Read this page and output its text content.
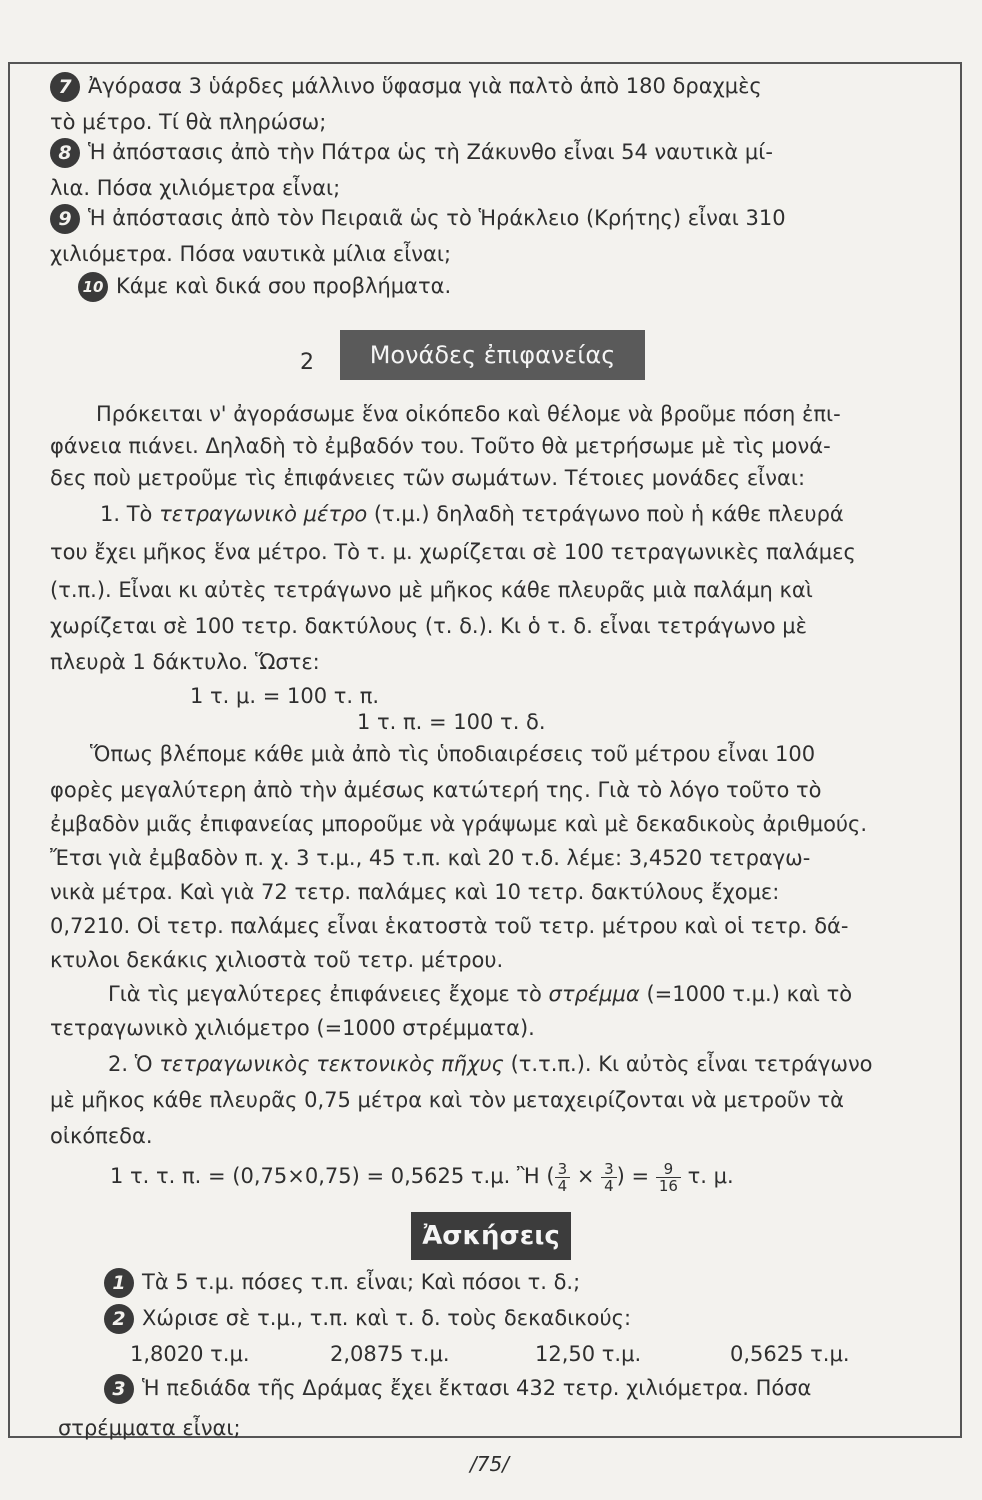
7 Ἀγόρασα 3 ὑάρδες μάλλινο ὕφασμα γιὰ παλτὸ ἀπὸ 180 δραχμὲς
τὸ μέτρο. Τί θὰ πληρώσω;
8 Ἡ ἀπόστασις ἀπὸ τὴν Πάτρα ὡς τὴ Ζάκυνθο εἶναι 54 ναυτικὰ μί-
λια. Πόσα χιλιόμετρα εἶναι;
9 Ἡ ἀπόστασις ἀπὸ τὸν Πειραιᾶ ὡς τὸ Ἡράκλειο (Κρήτης) εἶναι 310
χιλιόμετρα. Πόσα ναυτικὰ μίλια εἶναι;
10 Κάμε καὶ δικά σου προβλήματα.
2	Μονάδες ἐπιφανείας
Πρόκειται ν' ἀγοράσωμε ἕνα οἰκόπεδο καὶ θέλομε νὰ βροῦμε πόση ἐπι-
φάνεια πιάνει. Δηλαδὴ τὸ ἐμβαδόν του. Τοῦτο θὰ μετρήσωμε μὲ τὶς μονά-
δες ποὺ μετροῦμε τὶς ἐπιφάνειες τῶν σωμάτων. Τέτοιες μονάδες εἶναι:
1. Τὸ τετραγωνικὸ μέτρο (τ.μ.) δηλαδὴ τετράγωνο ποὺ ἡ κάθε πλευρά
του ἔχει μῆκος ἕνα μέτρο. Τὸ τ. μ. χωρίζεται σὲ 100 τετραγωνικὲς παλάμες
(τ.π.). Εἶναι κι αὐτὲς τετράγωνο μὲ μῆκος κάθε πλευρᾶς μιὰ παλάμη καὶ
χωρίζεται σὲ 100 τετρ. δακτύλους (τ. δ.). Κι ὁ τ. δ. εἶναι τετράγωνο μὲ
πλευρὰ 1 δάκτυλο. Ὥστε:
1 τ. μ. = 100 τ. π.
1 τ. π. = 100 τ. δ.
Ὅπως βλέπομε κάθε μιὰ ἀπὸ τὶς ὑποδιαιρέσεις τοῦ μέτρου εἶναι 100
φορὲς μεγαλύτερη ἀπὸ τὴν ἀμέσως κατώτερή της. Γιὰ τὸ λόγο τοῦτο τὸ
ἐμβαδὸν μιᾶς ἐπιφανείας μποροῦμε νὰ γράψωμε καὶ μὲ δεκαδικοὺς ἀριθμούς.
Ἔτσι γιὰ ἐμβαδὸν π. χ. 3 τ.μ., 45 τ.π. καὶ 20 τ.δ. λέμε: 3,4520 τετραγω-
νικὰ μέτρα. Καὶ γιὰ 72 τετρ. παλάμες καὶ 10 τετρ. δακτύλους ἔχομε:
0,7210. Οἱ τετρ. παλάμες εἶναι ἑκατοστὰ τοῦ τετρ. μέτρου καὶ οἱ τετρ. δά-
κτυλοι δεκάκις χιλιοστὰ τοῦ τετρ. μέτρου.
Γιὰ τὶς μεγαλύτερες ἐπιφάνειες ἔχομε τὸ στρέμμα (=1000 τ.μ.) καὶ τὸ
τετραγωνικὸ χιλιόμετρο (=1000 στρέμματα).
2. Ὁ τετραγωνικὸς τεκτονικὸς πῆχυς (τ.τ.π.). Κι αὐτὸς εἶναι τετράγωνο
μὲ μῆκος κάθε πλευρᾶς 0,75 μέτρα καὶ τὸν μεταχειρίζονται νὰ μετροῦν τὰ
οἰκόπεδα.
1 τ. τ. π. = (0,75×0,75) = 0,5625 τ.μ. Ἢ ( $\frac{3}{4} \times \frac{3}{4}$ ) = $\frac{9}{16} \tau$. μ.
Ἀσκήσεις
1 Τὰ 5 τ.μ. πόσες τ.π. εἶναι; Καὶ πόσοι τ. δ.;
2 Χώρισε σὲ τ.μ., τ.π. καὶ τ. δ. τοὺς δεκαδικούς:
1,8020 τ.μ.	2,0875 τ.μ.	12,50 τ.μ.	0,5625 τ.μ.
3 Ἡ πεδιάδα τῆς Δράμας ἔχει ἔκτασι 432 τετρ. χιλιόμετρα. Πόσα
στρέμματα εἶναι;
/75/
